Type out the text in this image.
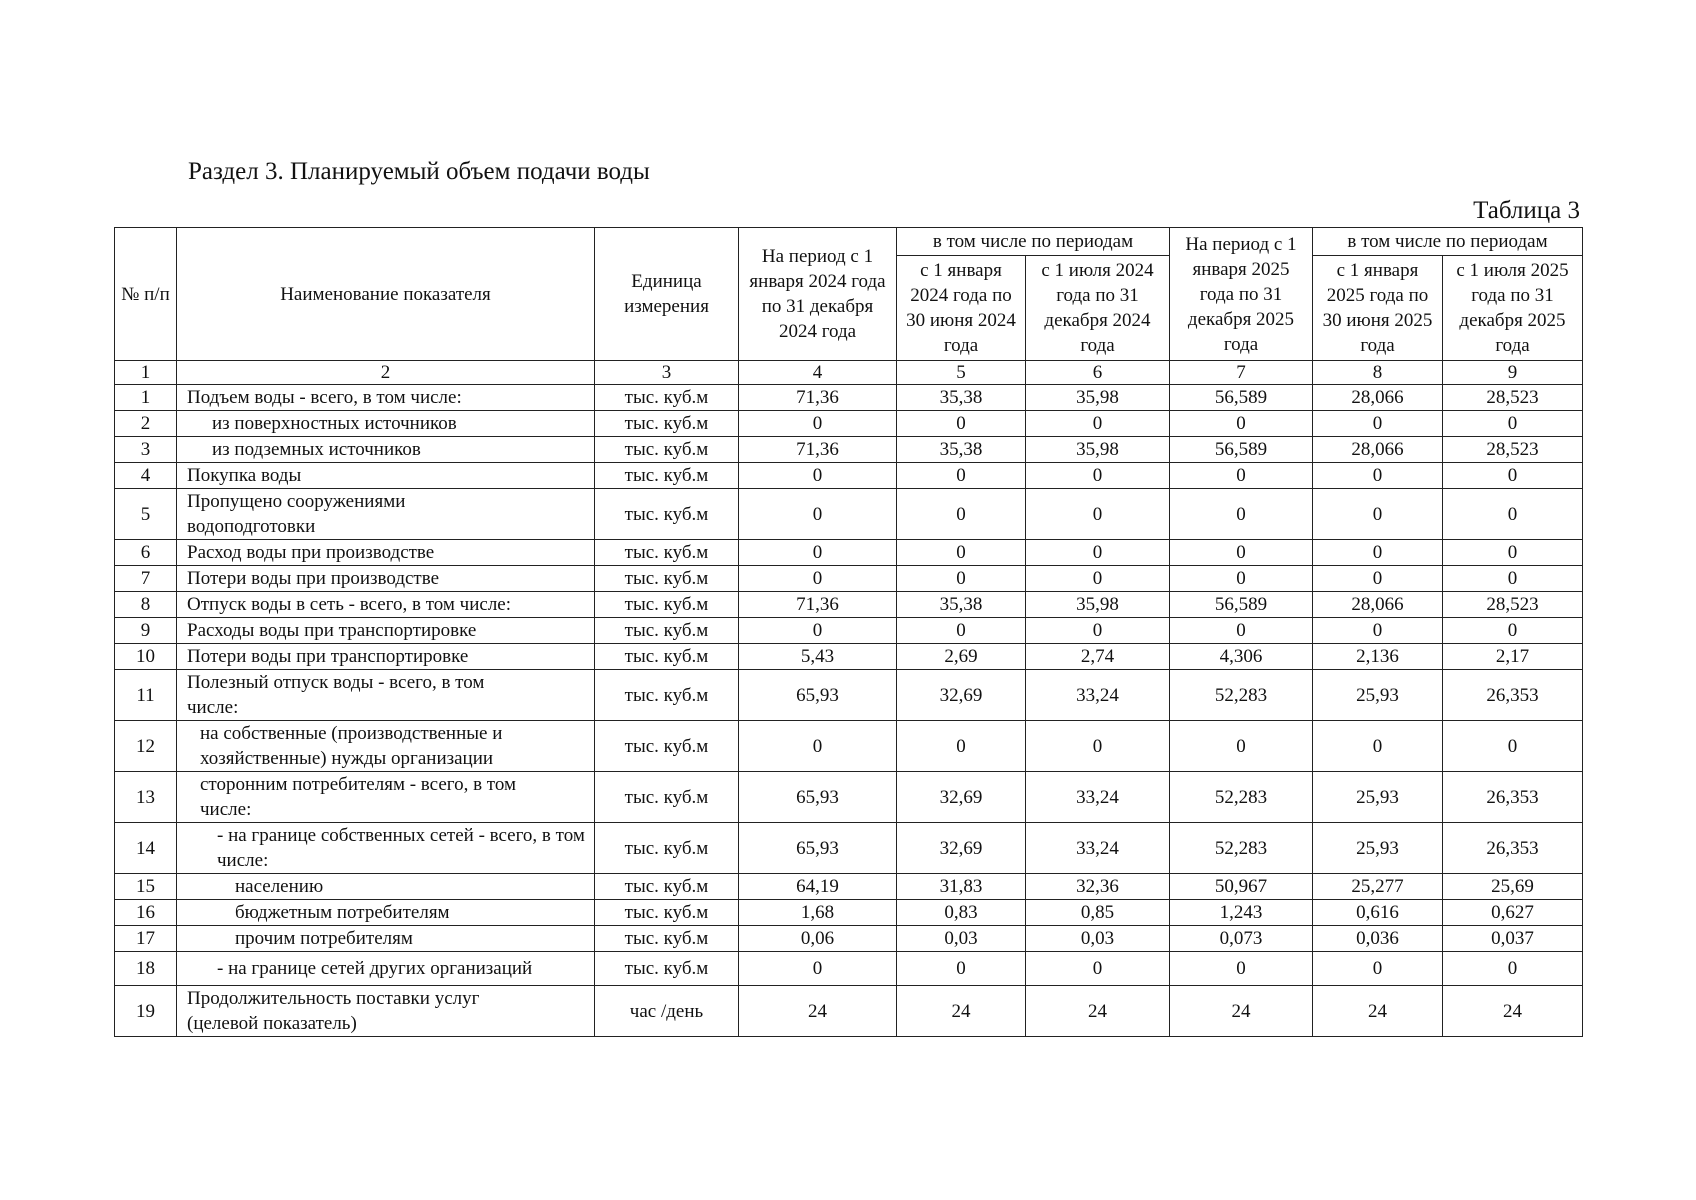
Раздел 3. Планируемый объем подачи воды
Таблица 3
№ п/п	Наименование показателя	Единица измерения	На период с 1 января 2024 года по 31 декабря 2024 года	в том числе по периодам		На период с 1 января 2025 года по 31 декабря 2025 года	в том числе по периодам	
				с 1 января 2024 года по 30 июня 2024 года	с 1 июля 2024 года по 31 декабря 2024 года		с 1 января 2025 года по 30 июня 2025 года	с 1 июля 2025 года по 31 декабря 2025 года
1	2	3	4	5	6	7	8	9
1	Подъем воды - всего, в том числе:	тыс. куб.м	71,36	35,38	35,98	56,589	28,066	28,523
2	из поверхностных источников	тыс. куб.м	0	0	0	0	0	0
3	из подземных источников	тыс. куб.м	71,36	35,38	35,98	56,589	28,066	28,523
4	Покупка воды	тыс. куб.м	0	0	0	0	0	0
5	Пропущено сооружениями водоподготовки	тыс. куб.м	0	0	0	0	0	0
6	Расход воды при производстве	тыс. куб.м	0	0	0	0	0	0
7	Потери воды при производстве	тыс. куб.м	0	0	0	0	0	0
8	Отпуск воды в сеть - всего, в том числе:	тыс. куб.м	71,36	35,38	35,98	56,589	28,066	28,523
9	Расходы воды при транспортировке	тыс. куб.м	0	0	0	0	0	0
10	Потери воды при транспортировке	тыс. куб.м	5,43	2,69	2,74	4,306	2,136	2,17
11	Полезный отпуск воды - всего, в том числе:	тыс. куб.м	65,93	32,69	33,24	52,283	25,93	26,353
12	на собственные (производственные и хозяйственные) нужды организации	тыс. куб.м	0	0	0	0	0	0
13	сторонним потребителям - всего, в том числе:	тыс. куб.м	65,93	32,69	33,24	52,283	25,93	26,353
14	- на границе собственных сетей - всего, в том числе:	тыс. куб.м	65,93	32,69	33,24	52,283	25,93	26,353
15	населению	тыс. куб.м	64,19	31,83	32,36	50,967	25,277	25,69
16	бюджетным потребителям	тыс. куб.м	1,68	0,83	0,85	1,243	0,616	0,627
17	прочим потребителям	тыс. куб.м	0,06	0,03	0,03	0,073	0,036	0,037
18	- на границе сетей других организаций	тыс. куб.м	0	0	0	0	0	0
19	Продолжительность поставки услуг (целевой показатель)	час /день	24	24	24	24	24	24
